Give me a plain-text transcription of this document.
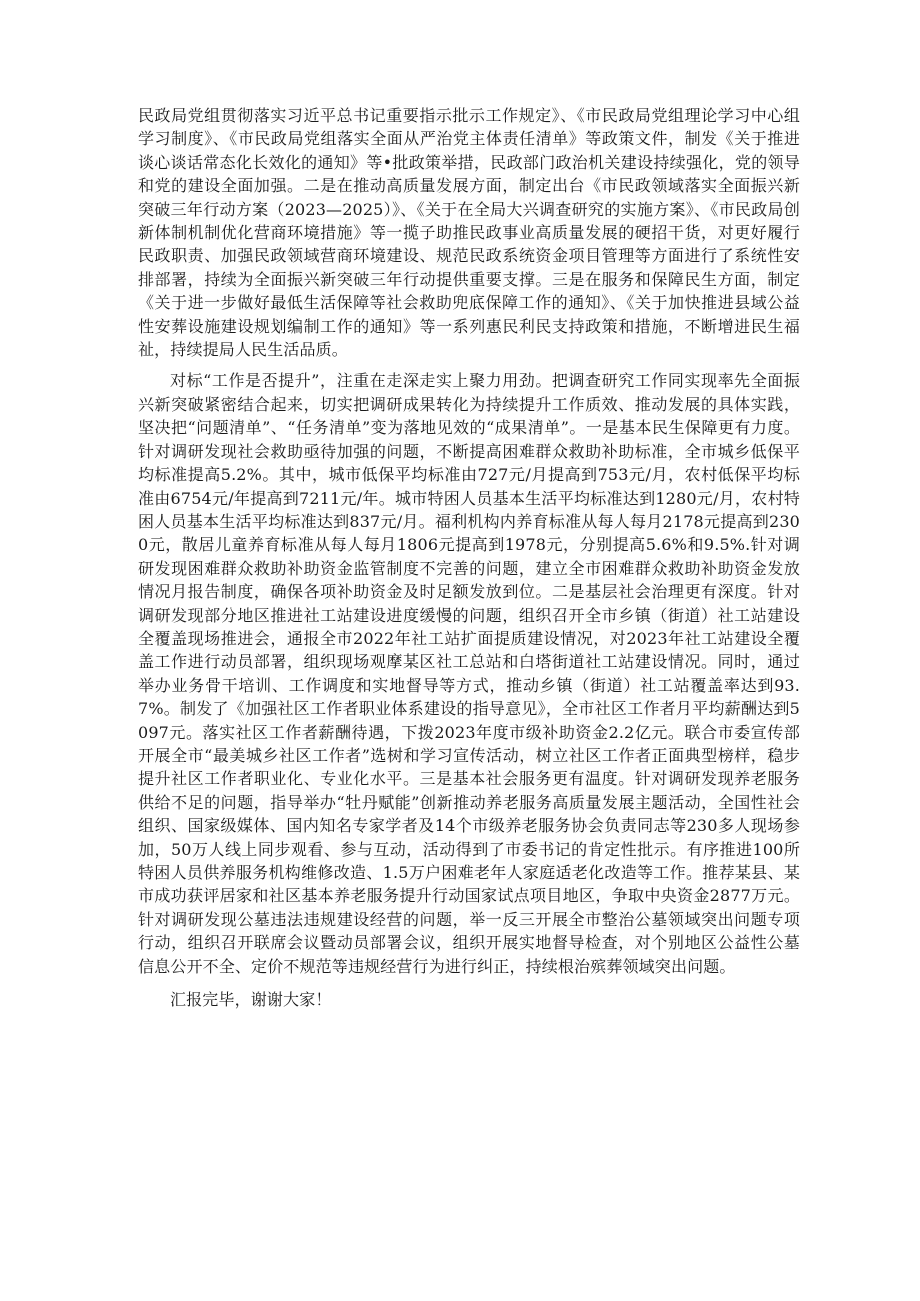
民政局党组贯彻落实习近平总书记重要指示批示工作规定》、《市民政局党组理论学习中心组学习制度》、《市民政局党组落实全面从严治党主体责任清单》等政策文件，制发《关于推进谈心谈话常态化长效化的通知》等•批政策举措，民政部门政治机关建设持续强化，党的领导和党的建设全面加强。二是在推动高质量发展方面，制定出台《市民政领域落实全面振兴新突破三年行动方案（2023—2025）》、《关于在全局大兴调查研究的实施方案》、《市民政局创新体制机制优化营商环境措施》等一揽子助推民政事业高质量发展的硬招干货，对更好履行民政职责、加强民政领域营商环境建设、规范民政系统资金项目管理等方面进行了系统性安排部署，持续为全面振兴新突破三年行动提供重要支撑。三是在服务和保障民生方面，制定《关于进一步做好最低生活保障等社会救助兜底保障工作的通知》、《关于加快推进县域公益性安葬设施建设规划编制工作的通知》等一系列惠民利民支持政策和措施，不断增进民生福祉，持续提局人民生活品质。

对标“工作是否提升”，注重在走深走实上聚力用劲。把调查研究工作同实现率先全面振兴新突破紧密结合起来，切实把调研成果转化为持续提升工作质效、推动发展的具体实践，坚决把“问题清单”、“任务清单”变为落地见效的“成果清单”。一是基本民生保障更有力度。针对调研发现社会救助亟待加强的问题，不断提高困难群众救助补助标准，全市城乡低保平均标准提高5.2%。其中，城市低保平均标准由727元/月提高到753元/月，农村低保平均标准由6754元/年提高到7211元/年。城市特困人员基本生活平均标准达到1280元/月，农村特困人员基本生活平均标准达到837元/月。福利机构内养育标准从每人每月2178元提高到2300元，散居儿童养育标准从每人每月1806元提高到1978元，分别提高5.6%和9.5%.针对调研发现困难群众救助补助资金监管制度不完善的问题，建立全市困难群众救助补助资金发放情况月报告制度，确保各项补助资金及时足额发放到位。二是基层社会治理更有深度。针对调研发现部分地区推进社工站建设进度缓慢的问题，组织召开全市乡镇（街道）社工站建设全覆盖现场推进会，通报全市2022年社工站扩面提质建设情况，对2023年社工站建设全覆盖工作进行动员部署，组织现场观摩某区社工总站和白塔街道社工站建设情况。同时，通过举办业务骨干培训、工作调度和实地督导等方式，推动乡镇（街道）社工站覆盖率达到93.7%。制发了《加强社区工作者职业体系建设的指导意见》，全市社区工作者月平均薪酬达到5097元。落实社区工作者薪酬待遇，下拨2023年度市级补助资金2.2亿元。联合市委宣传部开展全市“最美城乡社区工作者”选树和学习宣传活动，树立社区工作者正面典型榜样，稳步提升社区工作者职业化、专业化水平。三是基本社会服务更有温度。针对调研发现养老服务供给不足的问题，指导举办“牡丹赋能”创新推动养老服务高质量发展主题活动，全国性社会组织、国家级媒体、国内知名专家学者及14个市级养老服务协会负责同志等230多人现场参加，50万人线上同步观看、参与互动，活动得到了市委书记的肯定性批示。有序推进100所特困人员供养服务机构维修改造、1.5万户困难老年人家庭适老化改造等工作。推荐某县、某市成功获评居家和社区基本养老服务提升行动国家试点项目地区，争取中央资金2877万元。针对调研发现公墓违法违规建设经营的问题，举一反三开展全市整治公墓领域突出问题专项行动，组织召开联席会议暨动员部署会议，组织开展实地督导检查，对个别地区公益性公墓信息公开不全、定价不规范等违规经营行为进行纠正，持续根治殡葬领域突出问题。

汇报完毕，谢谢大家！
